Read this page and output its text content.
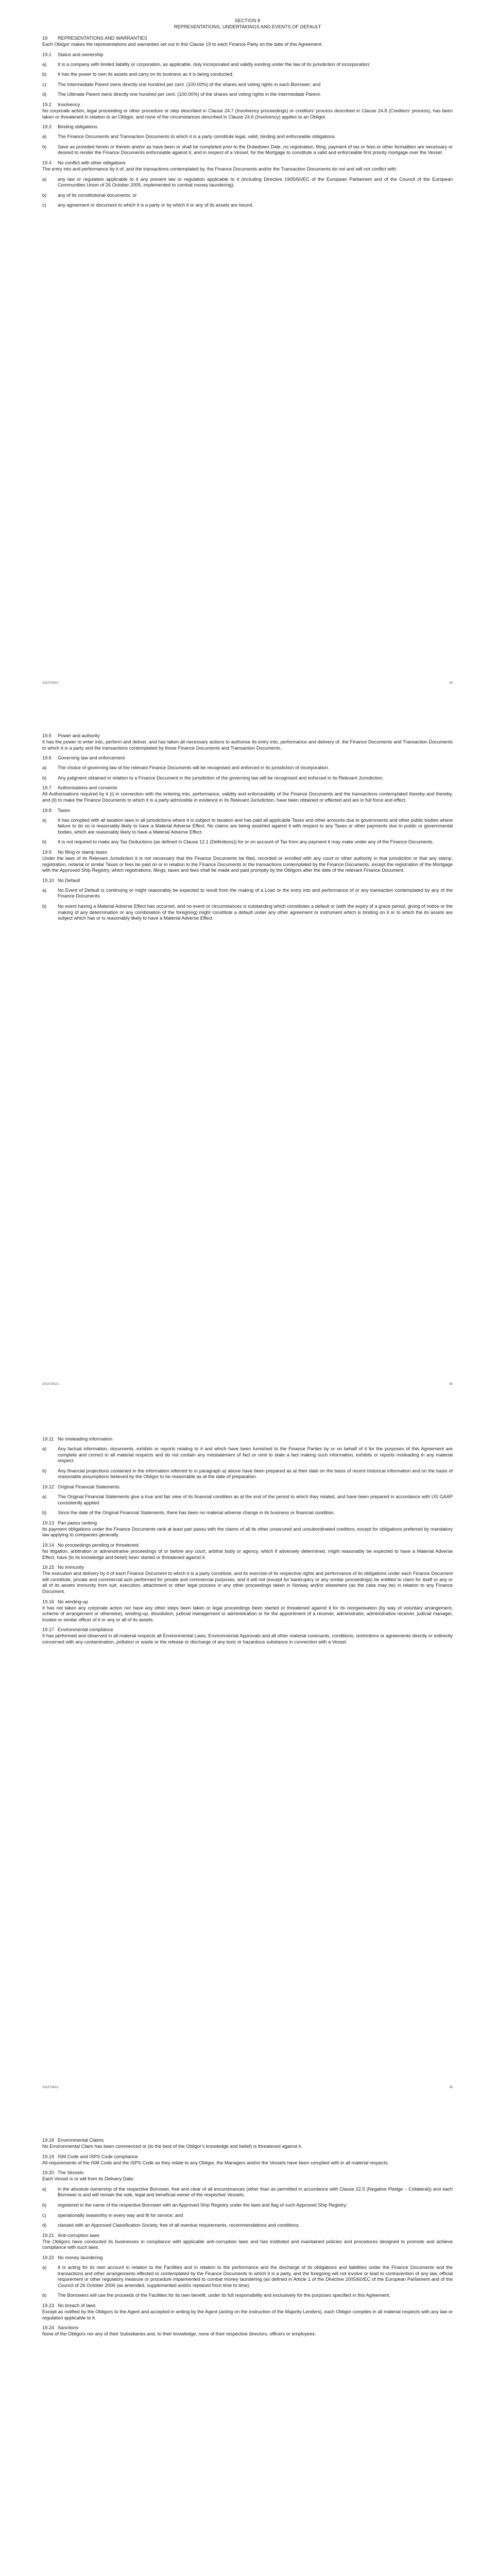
SECTION 8
REPRESENTATIONS, UNDERTAKINGS AND EVENTS OF DEFAULT
19	REPRESENTATIONS AND WARRANTIES
Each Obligor makes the representations and warranties set out in this Clause 19 to each Finance Party on the date of this Agreement.
19.1	Status and ownership
a)	It is a company with limited liability or corporation, as applicable, duly incorporated and validly existing under the law of its jurisdiction of incorporation;
b)	It has the power to own its assets and carry on its business as it is being conducted;
c)	The Intermediate Parent owns directly one hundred per cent. (100.00%) of the shares and voting rights in each Borrower; and
d)	The Ultimate Parent owns directly one hundred per cent. (100.00%) of the shares and voting rights in the Intermediate Parent.
19.2	Insolvency
No corporate action, legal proceeding or other procedure or step described in Clause 24.7 (Insolvency proceedings) or creditors' process described in Clause 24.8 (Creditors' process), has been taken or threatened in relation to an Obligor, and none of the circumstances described in Clause 24.6 (Insolvency) applies to an Obligor.
19.3	Binding obligations
a)	The Finance Documents and Transaction Documents to which it is a party constitute legal, valid, binding and enforceable obligations.
b)	Save as provided herein or therein and/or as have been or shall be completed prior to the Drawdown Date, no registration, filing, payment of tax or fees or other formalities are necessary or desired to render the Finance Documents enforceable against it, and in respect of a Vessel, for the Mortgage to constitute a valid and enforceable first priority mortgage over the Vessel.
19.4	No conflict with other obligations
The entry into and performance by it of, and the transactions contemplated by, the Finance Documents and/or the Transaction Documents do not and will not conflict with:
a)	any law or regulation applicable to it any present law or regulation applicable to it (including Directive 1905/60/EC of the European Parliament and of the Council of the European Communities Union of 26 October 2005, implemented to combat money laundering);
b)	any of its constitutional documents; or
c)	any agreement or document to which it is a party or by which it or any of its assets are bound.
10127241/1	53
19.5	Power and authority
It has the power to enter into, perform and deliver, and has taken all necessary actions to authorise its entry into, performance and delivery of, the Finance Documents and Transaction Documents to which it is a party and the transactions contemplated by those Finance Documents and Transaction Documents.
19.6	Governing law and enforcement
a)	The choice of governing law of the relevant Finance Documents will be recognised and enforced in its jurisdiction of incorporation.
b)	Any judgment obtained in relation to a Finance Document in the jurisdiction of the governing law will be recognised and enforced in its Relevant Jurisdiction.
19.7	Authorisations and consents
All Authorisations required by it (i) in connection with the entering into, performance, validity and enforceability of the Finance Documents and the transactions contemplated thereby and thereby, and (ii) to make the Finance Documents to which it is a party admissible in evidence in its Relevant Jurisdiction, have been obtained or effected and are in full force and effect.
19.8	Taxes
a)	It has complied with all taxation laws in all jurisdictions where it is subject to taxation and has paid all applicable Taxes and other amounts due to governments and other public bodies where failure to do so is reasonably likely to have a Material Adverse Effect. No claims are being asserted against it with respect to any Taxes or other payments due to public or governmental bodies, which are reasonably likely to have a Material Adverse Effect.
b)	It is not required to make any Tax Deductions (as defined in Clause 12.1 (Definitions)) for or on account of Tax from any payment it may make under any of the Finance Documents.
19.9	No filing or stamp taxes
Under the laws of its Relevant Jurisdiction it is not necessary that the Finance Documents be filed, recorded or enrolled with any court or other authority in that jurisdiction or that any stamp, registration, notarial or similar Taxes or fees be paid on or in relation to the Finance Documents or the transactions contemplated by the Finance Documents, except the registration of the Mortgage with the Approved Ship Registry, which registrations, filings, taxes and fees shall be made and paid promptly by the Obligors after the date of the relevant Finance Document.
19.10 No Default
a)	No Event of Default is continuing or might reasonably be expected to result from the making of a Loan or the entry into and performance of or any transaction contemplated by any of the Finance Documents.
b)	No event having a Material Adverse Effect has occurred, and no event or circumstances is outstanding which constitutes a default or (with the expiry of a grace period, giving of notice or the making of any determination or any combination of the foregoing) might constitute a default under any other agreement or instrument which is binding on it or to which the its assets are subject which has or is reasonably likely to have a Material Adverse Effect.
10127241/1	54
19.11 No misleading information
a)	Any factual information, documents, exhibits or reports relating to it and which have been furnished to the Finance Parties by or on behalf of it for the purposes of this Agreement are complete and correct in all material respects and do not contain any misstatement of fact or omit to state a fact making such information, exhibits or reports misleading in any material respect.
b)	Any financial projections contained in the information referred to in paragraph a) above have been prepared as at their date on the basis of recent historical information and on the basis of reasonable assumptions believed by the Obligor to be reasonable as at the date of preparation.
19.12 Original Financial Statements
a)	The Original Financial Statements give a true and fair view of its financial condition as at the end of the period to which they related, and have been prepared in accordance with US GAAP consistently applied.
b)	Since the date of the Original Financial Statements, there has been no material adverse change in its business or financial condition.
19.13 Pari passu ranking
Its payment obligations under the Finance Documents rank at least pari passu with the claims of all its other unsecured and unsubordinated creditors, except for obligations preferred by mandatory law applying to companies generally.
19.14 No proceedings pending or threatened
No litigation, arbitration or administrative proceedings of or before any court, arbitral body or agency, which if adversely determined, might reasonably be expected to have a Material Adverse Effect, have (to its knowledge and belief) been started or threatened against it.
19.15 No immunity
The execution and delivery by it of each Finance Document to which it is a party constitute, and its exercise of its respective rights and performance of its obligations under each Finance Document will constitute, private and commercial acts performed for private and commercial purposes, and it will not (except for bankruptcy or any similar proceedings) be entitled to claim for itself or any or all of its assets immunity from suit, execution, attachment or other legal process in any other proceedings taken in Norway and/or elsewhere (as the case may be) in relation to any Finance Document.
19.16 No winding-up
It has not taken any corporate action nor have any other steps been taken or legal proceedings been started or threatened against it for its reorganisation (by way of voluntary arrangement, scheme of arrangement or otherwise), winding-up, dissolution, judicial management or administration or for the appointment of a receiver, administrator, administrative receiver, judicial manager, trustee or similar officer of it or any or all of its assets.
19.17 Environmental compliance
It has performed and observed in all material respects all Environmental Laws, Environmental Approvals and all other material covenants, conditions, restrictions or agreements directly or indirectly concerned with any contamination, pollution or waste or the release or discharge of any toxic or hazardous substance in connection with a Vessel.
10127241/1	55
19.18 Environmental Claims
No Environmental Claim has been commenced or (to the best of the Obligor's knowledge and belief) is threatened against it.
19.19 ISM Code and ISPS Code compliance
All requirements of the ISM Code and the ISPS Code as they relate to any Obligor, the Managers and/or the Vessels have been complied with in all material respects.
19.20 The Vessels
Each Vessel is or will from its Delivery Date:
a)	in the absolute ownership of the respective Borrower, free and clear of all encumbrances (other than as permitted in accordance with Clause 22.5 (Negative Pledge – Collateral)) and each Borrower is and will remain the sole, legal and beneficial owner of the respective Vessels;
b)	registered in the name of the respective Borrower with an Approved Ship Registry under the laws and flag of such Approved Ship Registry;
c)	operationally seaworthy in every way and fit for service; and
d)	classed with an Approved Classification Society, free of all overdue requirements, recommendations and conditions.
19.21 Anti-corruption laws
The Obligors have conducted its businesses in compliance with applicable anti-corruption laws and has instituted and maintained policies and procedures designed to promote and achieve compliance with such laws.
19.22 No money laundering
a)	It is acting for its own account in relation to the Facilities and in relation to the performance and the discharge of its obligations and liabilities under the Finance Documents and the transactions and other arrangements effected or contemplated by the Finance Documents to which it is a party, and the foregoing will not involve or lead to contravention of any law, official requirement or other regulatory measure or procedure implemented to combat money laundering (as defined in Article 1 of the Directive 2005/60/EC of the European Parliament and of the Council of 26 October 2006 (as amended, supplemented and/or replaced from time to time).
b)	The Borrowers will use the proceeds of the Facilities for its own benefit, under its full responsibility and exclusively for the purposes specified in this Agreement.
19.23 No breach of laws
Except as notified by the Obligors to the Agent and accepted in writing by the Agent (acting on the instruction of the Majority Lenders), each Obligor complies in all material respects with any law or regulation applicable to it.
19.24 Sanctions
None of the Obligors nor any of their Subsidiaries and, to their knowledge, none of their respective directors, officers or employees:
